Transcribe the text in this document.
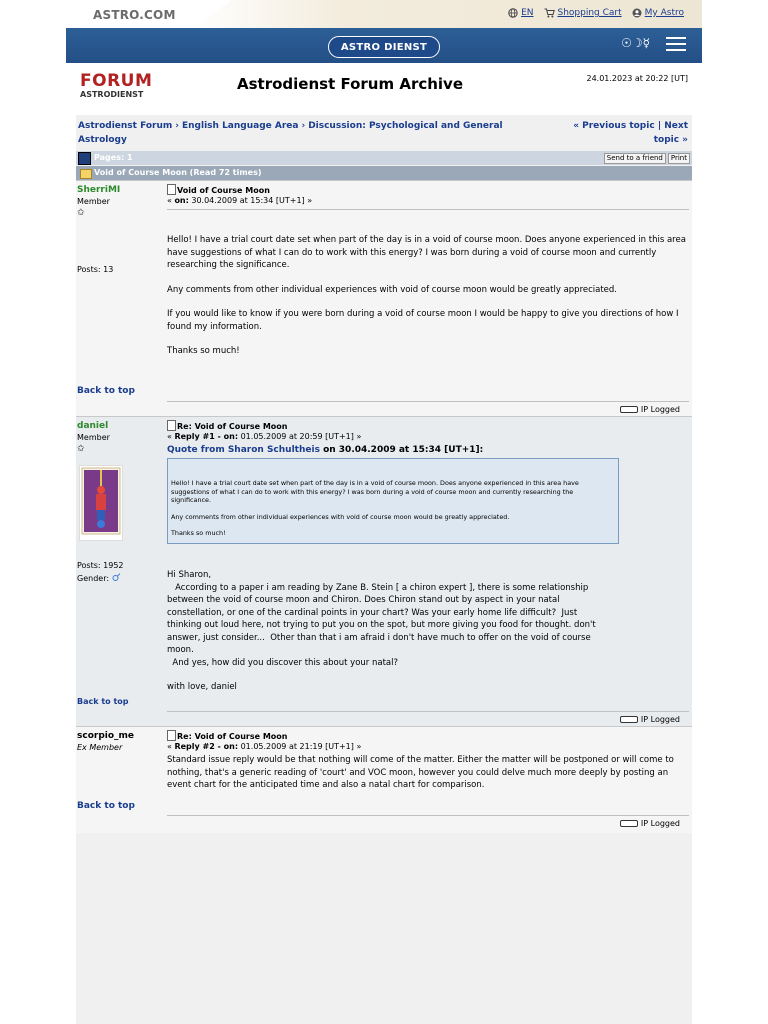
ASTRO.COM	EN	Shopping Cart	My Astro
ASTRO DIENST	☉☽☿
FORUM
ASTRODIENST
Astrodienst Forum Archive	24.01.2023 at 20:22 [UT]
Astrodienst Forum › English Language Area › Discussion: Psychological and General Astrology
« Previous topic | Next topic »
Pages: 1	Send to a friend	Print
Void of Course Moon (Read 72 times)
SherriMI
Member
✩
Posts: 13
Void of Course Moon
« on: 30.04.2009 at 15:34 [UT+1] »

Hello! I have a trial court date set when part of the day is in a void of course moon. Does anyone experienced in this area have suggestions of what I can do to work with this energy? I was born during a void of course moon and currently researching the significance.

Any comments from other individual experiences with void of course moon would be greatly appreciated.

If you would like to know if you were born during a void of course moon I would be happy to give you directions of how I found my information.

Thanks so much!

Back to top
IP Logged
daniel
Member
✩
Posts: 1952
Gender:
Re: Void of Course Moon
« Reply #1 - on: 01.05.2009 at 20:59 [UT+1] »
Quote from Sharon Schultheis on 30.04.2009 at 15:34 [UT+1]:

Hello! I have a trial court date set when part of the day is in a void of course moon. Does anyone experienced in this area have suggestions of what I can do to work with this energy? I was born during a void of course moon and currently researching the significance.

Any comments from other individual experiences with void of course moon would be greatly appreciated.

Thanks so much!

Hi Sharon,

According to a paper i am reading by Zane B. Stein [ a chiron expert ], there is some relationship between the void of course moon and Chiron. Does Chiron stand out by aspect in your natal constellation, or one of the cardinal points in your chart? Was your early home life difficult?  Just thinking out loud here, not trying to put you on the spot, but more giving you food for thought. don't answer, just consider...  Other than that i am afraid i don't have much to offer on the void of course moon.

And yes, how did you discover this about your natal?

with love, daniel

Back to top
IP Logged
scorpio_me
Ex Member
Re: Void of Course Moon
« Reply #2 - on: 01.05.2009 at 21:19 [UT+1] »

Standard issue reply would be that nothing will come of the matter. Either the matter will be postponed or will come to nothing, that's a generic reading of 'court' and VOC moon, however you could delve much more deeply by posting an event chart for the anticipated time and also a natal chart for comparison.

Back to top
IP Logged
